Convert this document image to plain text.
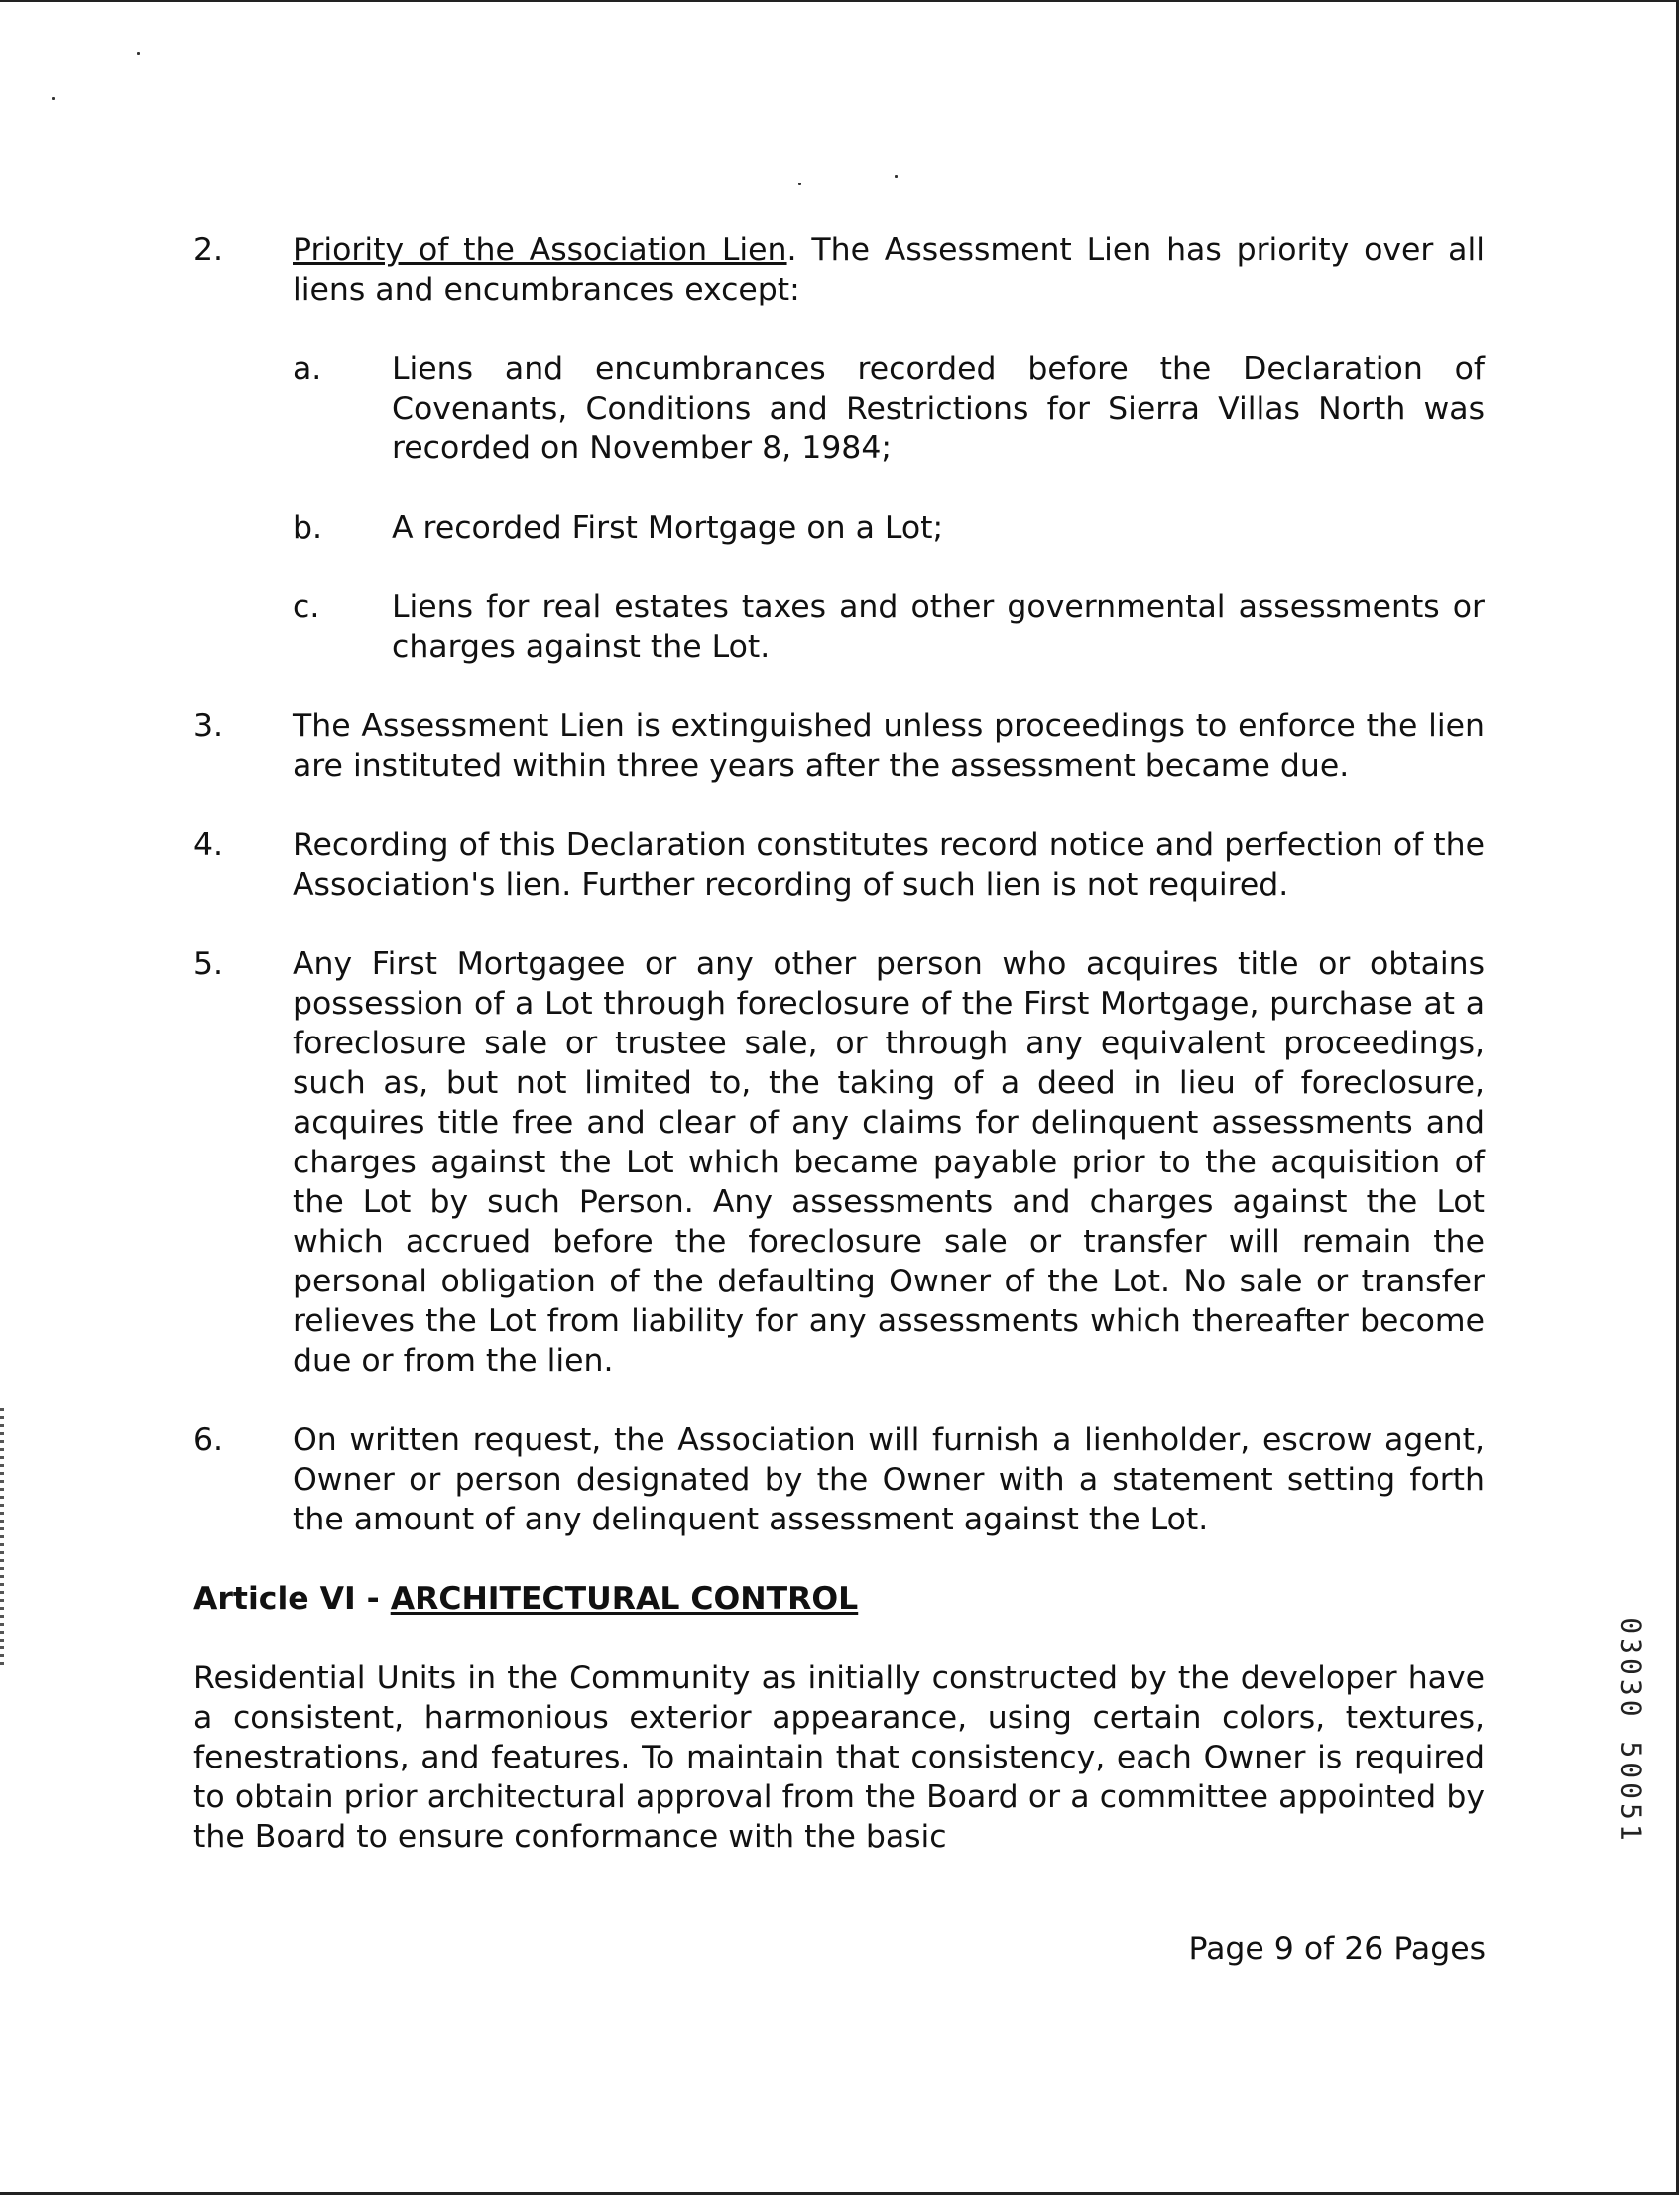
2.	Priority of the Association Lien. The Assessment Lien has priority over all liens and encumbrances except:
a.	Liens and encumbrances recorded before the Declaration of Covenants, Conditions and Restrictions for Sierra Villas North was recorded on November 8, 1984;
b.	A recorded First Mortgage on a Lot;
c.	Liens for real estates taxes and other governmental assessments or charges against the Lot.
3.	The Assessment Lien is extinguished unless proceedings to enforce the lien are instituted within three years after the assessment became due.
4.	Recording of this Declaration constitutes record notice and perfection of the Association's lien. Further recording of such lien is not required.
5.	Any First Mortgagee or any other person who acquires title or obtains possession of a Lot through foreclosure of the First Mortgage, purchase at a foreclosure sale or trustee sale, or through any equivalent proceedings, such as, but not limited to, the taking of a deed in lieu of foreclosure, acquires title free and clear of any claims for delinquent assessments and charges against the Lot which became payable prior to the acquisition of the Lot by such Person. Any assessments and charges against the Lot which accrued before the foreclosure sale or transfer will remain the personal obligation of the defaulting Owner of the Lot. No sale or transfer relieves the Lot from liability for any assessments which thereafter become due or from the lien.
6.	On written request, the Association will furnish a lienholder, escrow agent, Owner or person designated by the Owner with a statement setting forth the amount of any delinquent assessment against the Lot.
Article VI - ARCHITECTURAL CONTROL
Residential Units in the Community as initially constructed by the developer have a consistent, harmonious exterior appearance, using certain colors, textures, fenestrations, and features. To maintain that consistency, each Owner is required to obtain prior architectural approval from the Board or a committee appointed by the Board to ensure conformance with the basic
Page 9 of 26 Pages
03030 50051
